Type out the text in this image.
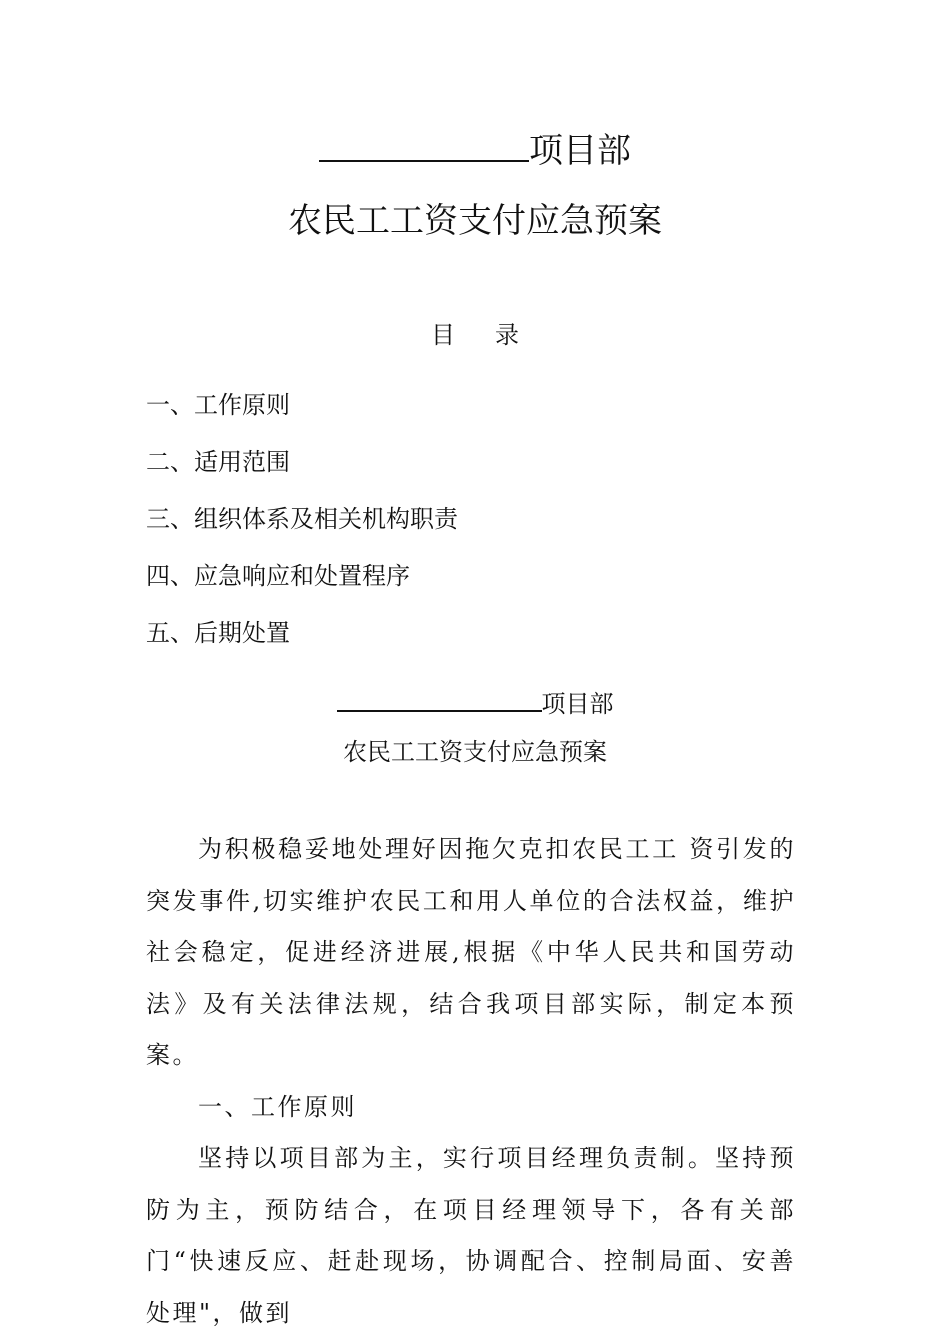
项目部
农民工工资支付应急预案
目 录
一、工作原则
二、适用范围
三、组织体系及相关机构职责
四、应急响应和处置程序
五、后期处置
项目部
农民工工资支付应急预案

为积极稳妥地处理好因拖欠克扣农民工工 资引发的突发事件,切实维护农民工和用人单位的合法权益，维护社会稳定，促进经济进展,根据《中华人民共和国劳动法》及有关法律法规，结合我项目部实际，制定本预案。

一、工作原则

坚持以项目部为主，实行项目经理负责制。坚持预防为主，预防结合，在项目经理领导下，各有关部门“快速反应、赶赴现场，协调配合、控制局面、安善处理"，做到
